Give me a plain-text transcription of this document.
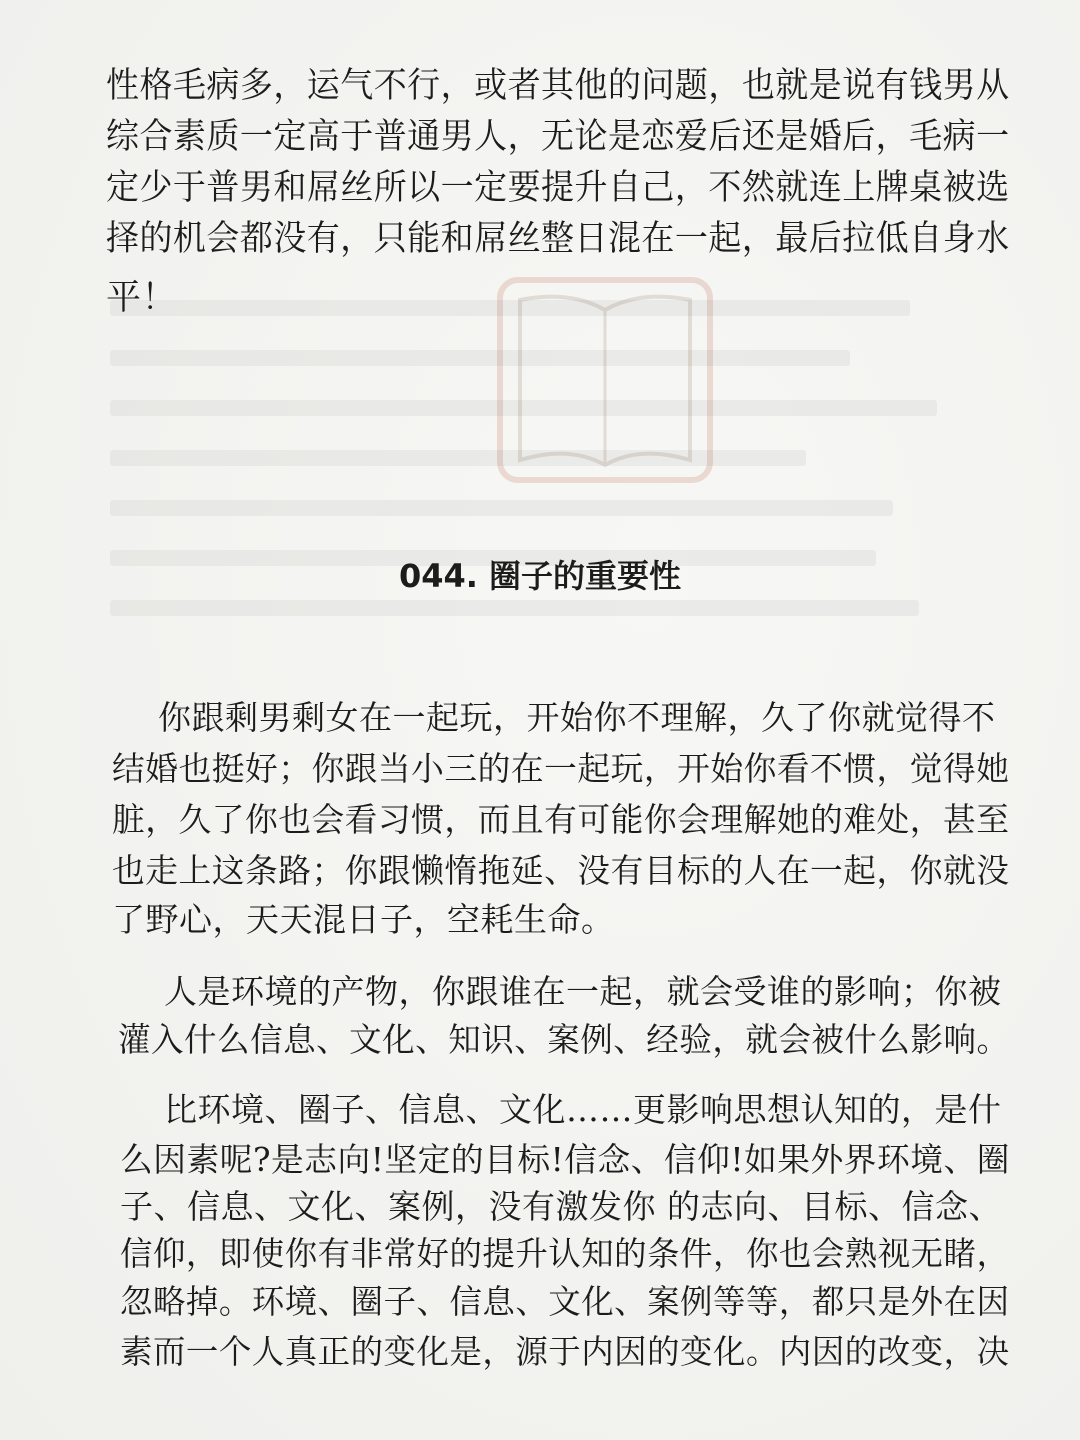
性格毛病多，运气不行，或者其他的问题，也就是说有钱男从
综合素质一定高于普通男人，无论是恋爱后还是婚后，毛病一
定少于普男和屌丝所以一定要提升自己，不然就连上牌桌被选
择的机会都没有，只能和屌丝整日混在一起，最后拉低自身水
平！
044. 圈子的重要性
你跟剩男剩女在一起玩，开始你不理解，久了你就觉得不
结婚也挺好；你跟当小三的在一起玩，开始你看不惯，觉得她
脏，久了你也会看习惯，而且有可能你会理解她的难处，甚至
也走上这条路；你跟懒惰拖延、没有目标的人在一起，你就没
了野心，天天混日子，空耗生命。
人是环境的产物，你跟谁在一起，就会受谁的影响；你被
灌入什么信息、文化、知识、案例、经验，就会被什么影响。
比环境、圈子、信息、文化……更影响思想认知的，是什
么因素呢?是志向!坚定的目标!信念、信仰!如果外界环境、圈
子、信息、文化、案例，没有激发你 的志向、目标、信念、
信仰，即使你有非常好的提升认知的条件，你也会熟视无睹，
忽略掉。环境、圈子、信息、文化、案例等等，都只是外在因
素而一个人真正的变化是，源于内因的变化。内因的改变，决
